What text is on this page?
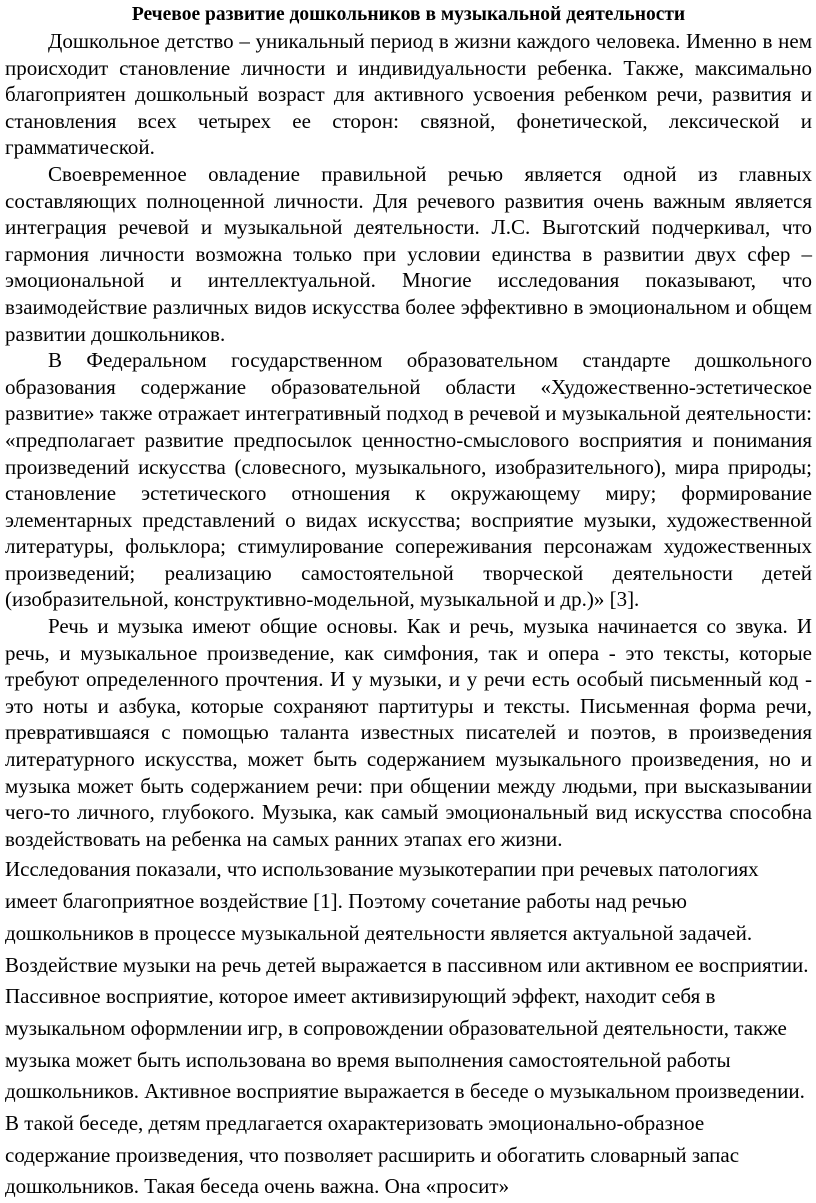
Речевое развитие дошкольников в музыкальной деятельности

Дошкольное детство – уникальный период в жизни каждого человека. Именно в нем происходит становление личности и индивидуальности ребенка. Также, максимально благоприятен дошкольный возраст для активного усвоения ребенком речи, развития и становления всех четырех ее сторон: связной, фонетической, лексической и грамматической.

Своевременное овладение правильной речью является одной из главных составляющих полноценной личности. Для речевого развития очень важным является интеграция речевой и музыкальной деятельности. Л.С. Выготский подчеркивал, что гармония личности возможна только при условии единства в развитии двух сфер – эмоциональной и интеллектуальной. Многие исследования показывают, что взаимодействие различных видов искусства более эффективно в эмоциональном и общем развитии дошкольников.

В Федеральном государственном образовательном стандарте дошкольного образования содержание образовательной области «Художественно-эстетическое развитие» также отражает интегративный подход в речевой и музыкальной деятельности: «предполагает развитие предпосылок ценностно-смыслового восприятия и понимания произведений искусства (словесного, музыкального, изобразительного), мира природы; становление эстетического отношения к окружающему миру; формирование элементарных представлений о видах искусства; восприятие музыки, художественной литературы, фольклора; стимулирование сопереживания персонажам художественных произведений; реализацию самостоятельной творческой деятельности детей (изобразительной, конструктивно-модельной, музыкальной и др.)» [3].

Речь и музыка имеют общие основы. Как и речь, музыка начинается со звука. И речь, и музыкальное произведение, как симфония, так и опера - это тексты, которые требуют определенного прочтения. И у музыки, и у речи есть особый письменный код - это ноты и азбука, которые сохраняют партитуры и тексты. Письменная форма речи, превратившаяся с помощью таланта известных писателей и поэтов, в произведения литературного искусства, может быть содержанием музыкального произведения, но и музыка может быть содержанием речи: при общении между людьми, при высказывании чего-то личного, глубокого. Музыка, как самый эмоциональный вид искусства способна воздействовать на ребенка на самых ранних этапах его жизни.

Исследования показали, что использование музыкотерапии при речевых патологиях имеет благоприятное воздействие [1]. Поэтому сочетание работы над речью дошкольников в процессе музыкальной деятельности является актуальной задачей. Воздействие музыки на речь детей выражается в пассивном или активном ее восприятии. Пассивное восприятие, которое имеет активизирующий эффект, находит себя в музыкальном оформлении игр, в сопровождении образовательной деятельности, также музыка может быть использована во время выполнения самостоятельной работы дошкольников. Активное восприятие выражается в беседе о музыкальном произведении. В такой беседе, детям предлагается охарактеризовать эмоционально-образное содержание произведения, что позволяет расширить и обогатить словарный запас дошкольников. Такая беседа очень важна. Она «просит»
